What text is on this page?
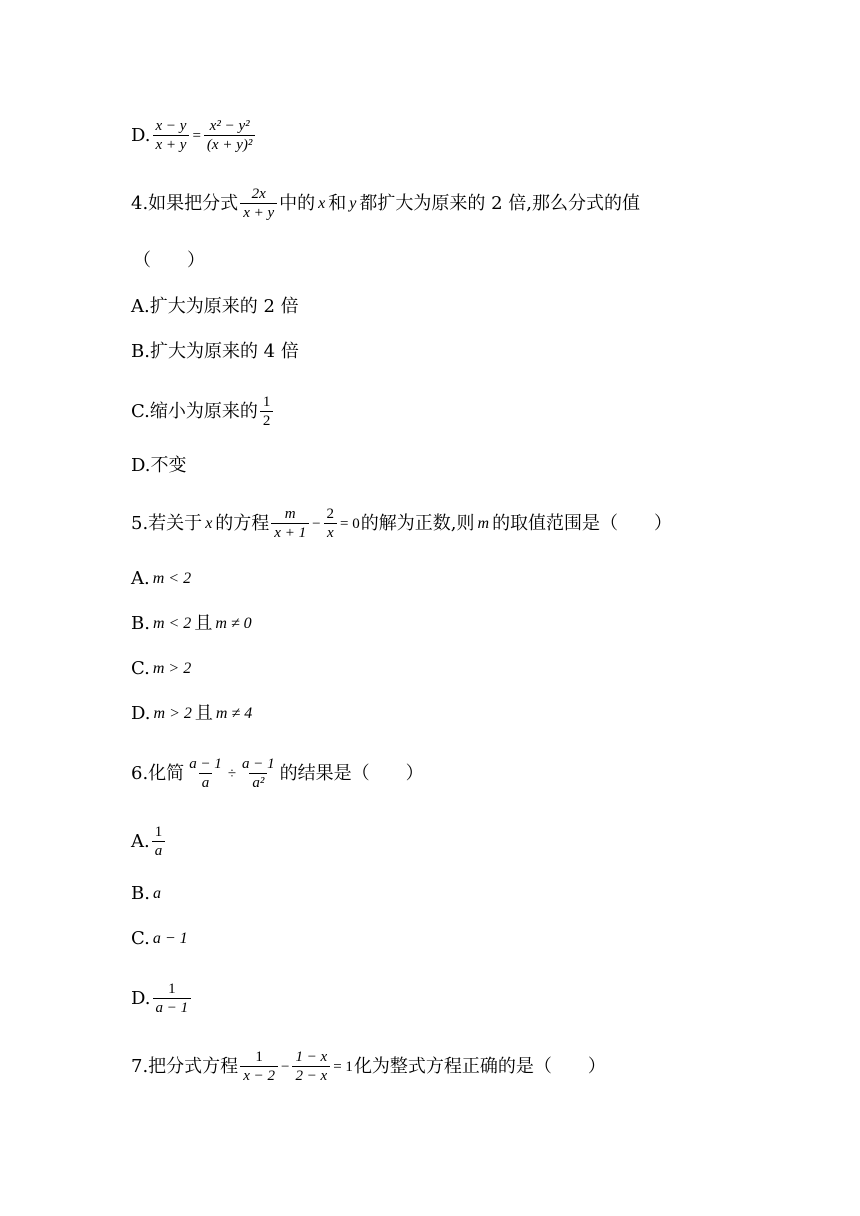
D. $\frac{x - y}{x + y} = \frac{\text{x² − y²}}{\text{(x + y)²}}$
4.如果把分式 $\frac{2x}{x + y}$ 中的 x 和 y 都扩大为原来的 2 倍,那么分式的值
（　　）
A.扩大为原来的 2 倍
B.扩大为原来的 4 倍
C.缩小为原来的 $\frac{1}{2}$
D.不变
5.若关于 x 的方程 $\frac{m}{x + 1} - \frac{2}{x} = 0$ 的解为正数,则 m 的取值范围是（　　）
A. m < 2
B. m < 2 且 m ≠ 0
C. m > 2
D. m > 2 且 m ≠ 4
6.化简 $\frac{a - 1}{a} \div \frac{a - 1}{\text{a²}}$ 的结果是（　　）
A. $\frac{1}{a}$
B. a
C. a − 1
D. $\frac{1}{a - 1}$
7.把分式方程 $\frac{1}{x - 2} - \frac{1 - x}{2 - x} = 1$ 化为整式方程正确的是（　　）
